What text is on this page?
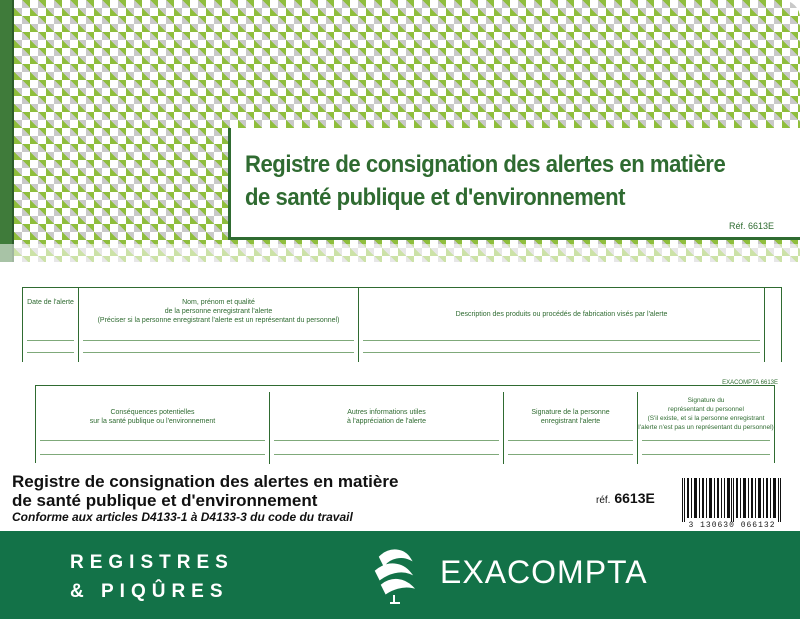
Registre de consignation des alertes en matière
de santé publique et d'environnement
Réf. 6613E
Date de l'alerte	Nom, prénom et qualité
de la personne enregistrant l'alerte
(Préciser si la personne enregistrant l'alerte est un représentant du personnel)
Description des produits ou procédés de fabrication visés par l'alerte
EXACOMPTA 6613E
Conséquences potentielles
sur la santé publique ou l'environnement
Autres informations utiles
à l'appréciation de l'alerte
Signature de la personne
enregistrant l'alerte
Signature du
représentant du personnel
(S'il existe, et si la personne enregistrant
l'alerte n'est pas un représentant du personnel)
Registre de consignation des alertes en matière
de santé publique et d'environnement
Conforme aux articles D4133-1 à D4133-3 du code du travail
réf. 6613E
3 130630 066132
REGISTRES
& PIQÛRES
EXACOMPTA
